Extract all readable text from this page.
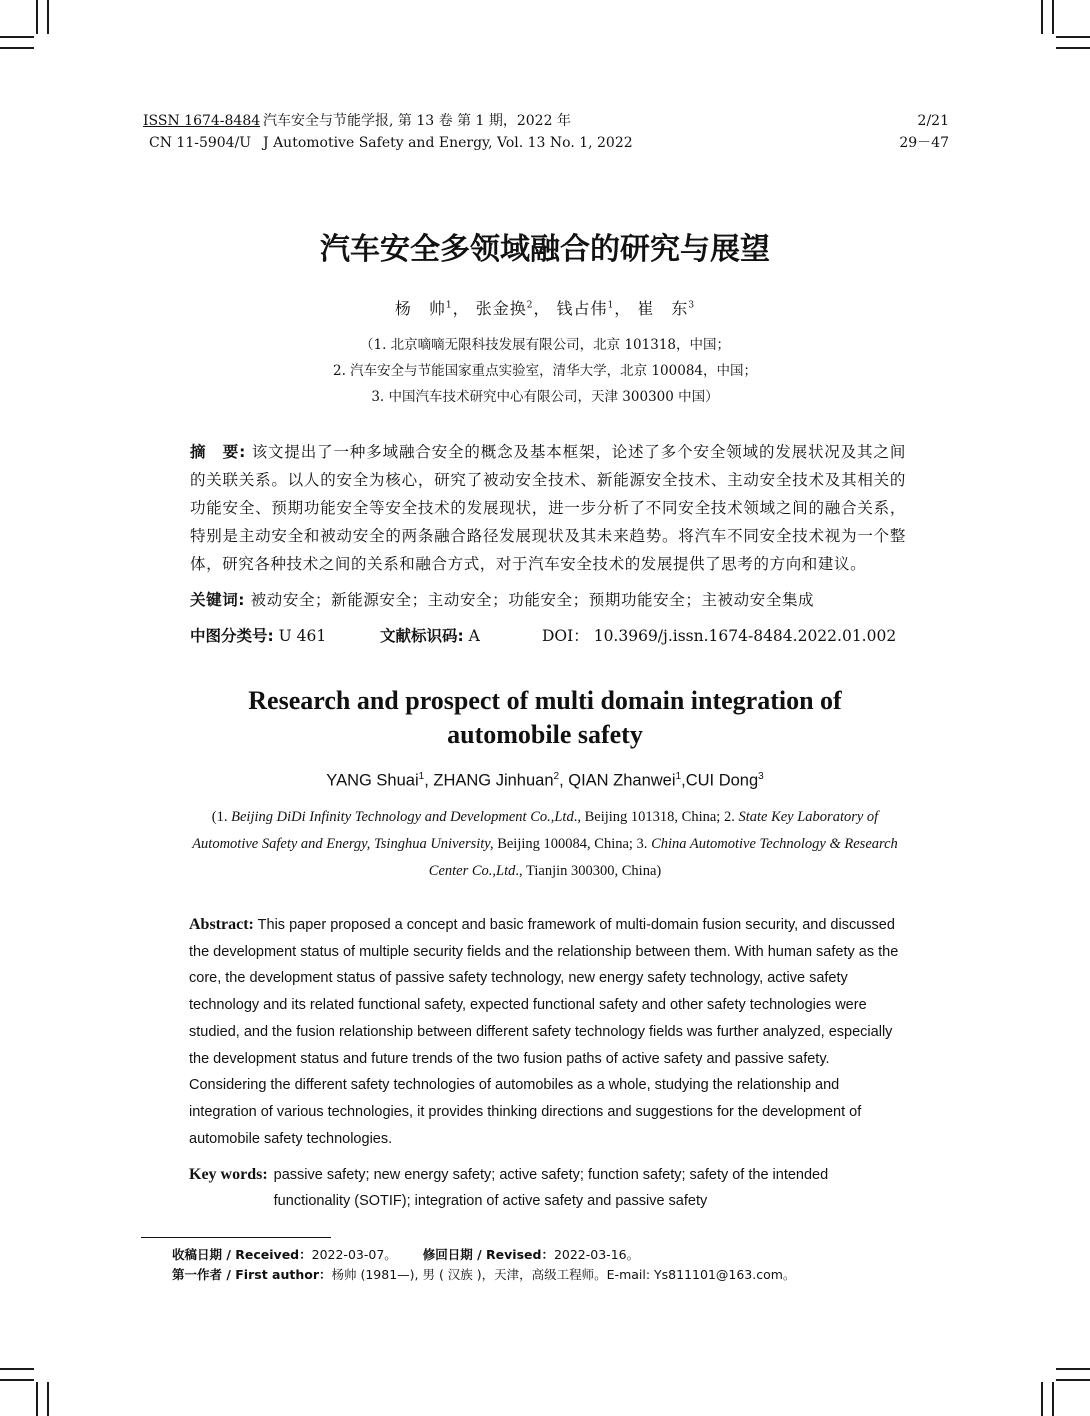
ISSN 1674-8484 汽车安全与节能学报, 第 13 卷 第 1 期，2022 年
CN 11-5904/U J Automotive Safety and Energy, Vol. 13 No. 1, 2022
2/21
29－47
汽车安全多领域融合的研究与展望
杨　帅$^1$， 张金换$^2$， 钱占伟$^1$， 崔　东$^3$
（1. 北京嘀嘀无限科技发展有限公司，北京 101318，中国；
2. 汽车安全与节能国家重点实验室，清华大学，北京 100084，中国；
3. 中国汽车技术研究中心有限公司，天津 300300 中国）
摘　要: 该文提出了一种多域融合安全的概念及基本框架，论述了多个安全领域的发展状况及其之间的关联关系。以人的安全为核心，研究了被动安全技术、新能源安全技术、主动安全技术及其相关的功能安全、预期功能安全等安全技术的发展现状，进一步分析了不同安全技术领域之间的融合关系，特别是主动安全和被动安全的两条融合路径发展现状及其未来趋势。将汽车不同安全技术视为一个整体，研究各种技术之间的关系和融合方式，对于汽车安全技术的发展提供了思考的方向和建议。
关键词: 被动安全；新能源安全；主动安全；功能安全；预期功能安全；主被动安全集成
中图分类号: U 461	文献标识码: A	DOI： 10.3969/j.issn.1674-8484.2022.01.002
Research and prospect of multi domain integration of
automobile safety
YANG Shuai$^1$, ZHANG Jinhuan$^2$, QIAN Zhanwei$^1$,CUI Dong$^3$
(1. Beijing DiDi Infinity Technology and Development Co.,Ltd., Beijing 101318, China; 2. State Key Laboratory of Automotive Safety and Energy, Tsinghua University, Beijing 100084, China; 3. China Automotive Technology & Research Center Co.,Ltd., Tianjin 300300, China)
Abstract: This paper proposed a concept and basic framework of multi-domain fusion security, and discussed the development status of multiple security fields and the relationship between them. With human safety as the core, the development status of passive safety technology, new energy safety technology, active safety technology and its related functional safety, expected functional safety and other safety technologies were studied, and the fusion relationship between different safety technology fields was further analyzed, especially the development status and future trends of the two fusion paths of active safety and passive safety. Considering the different safety technologies of automobiles as a whole, studying the relationship and integration of various technologies, it provides thinking directions and suggestions for the development of automobile safety technologies.
Key words: passive safety; new energy safety; active safety; function safety; safety of the intended functionality (SOTIF); integration of active safety and passive safety
收稿日期 / Received：2022-03-07。 修回日期 / Revised：2022-03-16。
第一作者 / First author：杨帅 (1981—), 男 ( 汉族 )，天津，高级工程师。E-mail: Ys811101@163.com。
